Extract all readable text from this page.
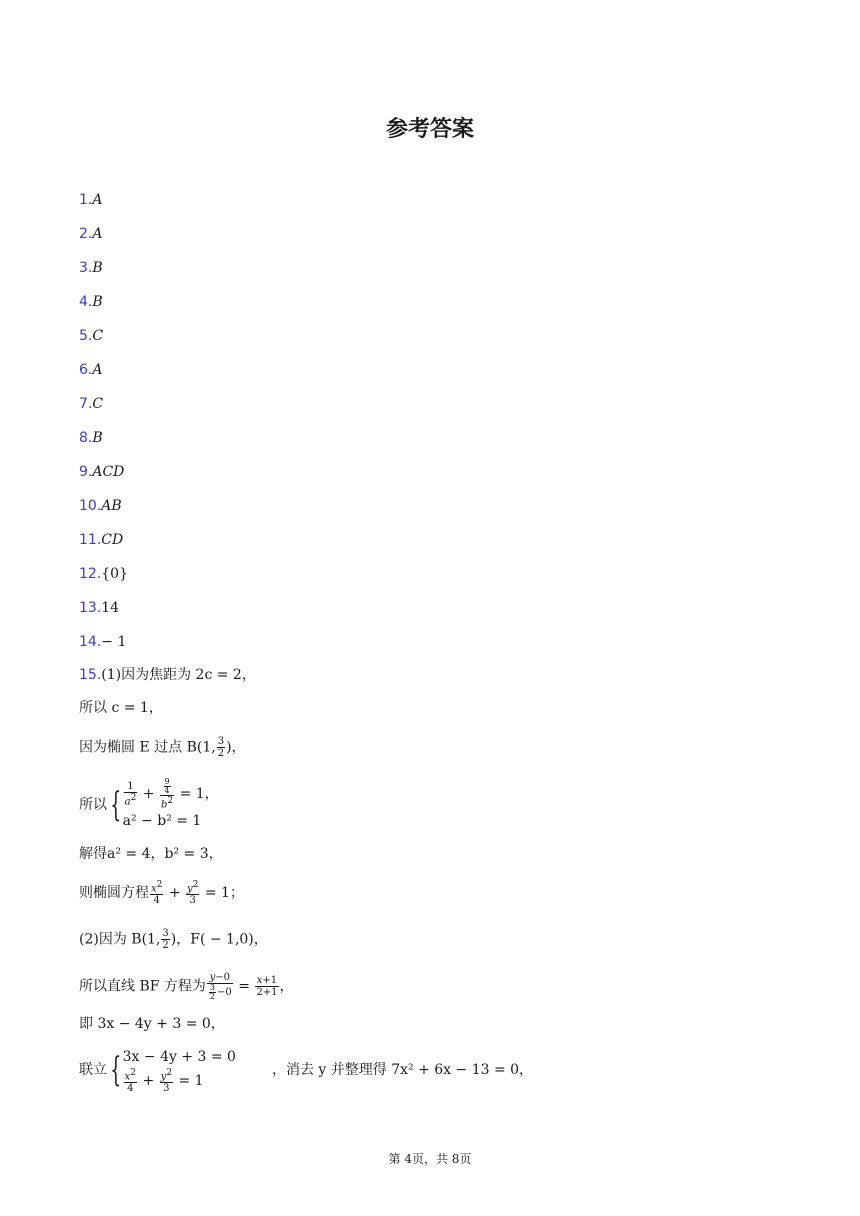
参考答案
1.A
2.A
3.B
4.B
5.C
6.A
7.C
8.B
9.ACD
10.AB
11.CD
12.{0}
13.14
14.− 1
15.(1)因为焦距为 2c = 2，
所以 c = 1，
因为椭圆 E 过点 B(1, $\frac{3}{2}$ )，
所以 { $\frac{1}{a^2} + \frac{\frac{9}{4}}{b^2} = 1$，
a² − b² = 1
解得a² = 4，b² = 3，
则椭圆方程 $\frac{x^2}{4} + \frac{y^2}{3} = 1$；
(2)因为 B(1, $\frac{3}{2}$ )，F( − 1,0)，
所以直线 BF 方程为 $\frac{y-0}{\frac{3}{2} -0} = \frac{x+1}{2+1}$ ，
即 3x − 4y + 3 = 0，
联立 { 3x − 4y + 3 = 0
$\frac{x^2}{4} + \frac{y^2}{3} = 1$
，消去 y 并整理得 7x² + 6x − 13 = 0，
第 4页，共 8页
